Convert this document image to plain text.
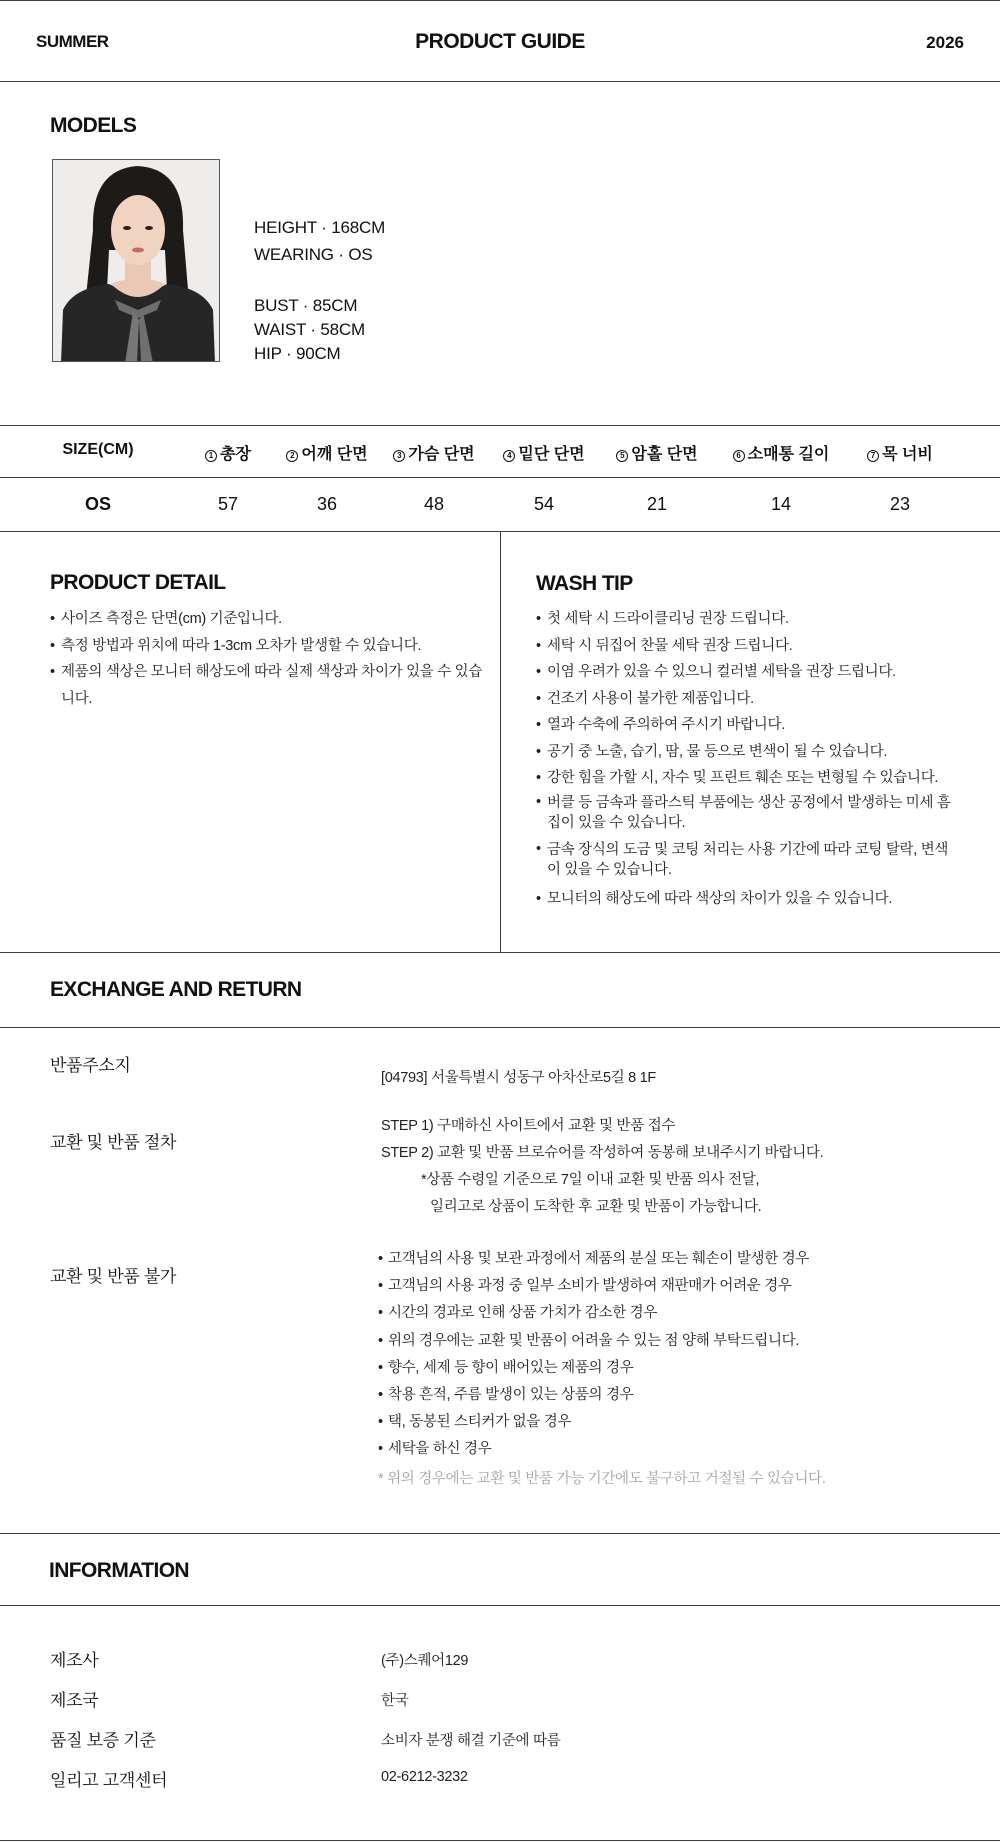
SUMMER	PRODUCT GUIDE	2026
MODELS
HEIGHT · 168CM
WEARING · OS
BUST · 85CM
WAIST · 58CM
HIP · 90CM
SIZE(CM)	1 총장	2 어깨 단면	3 가슴 단면	4 밑단 단면	5 암홀 단면	6 소매통 길이	7 목 너비
OS	57	36	48	54	21	14	23
PRODUCT DETAIL
• 사이즈 측정은 단면(cm) 기준입니다.
• 측정 방법과 위치에 따라 1-3cm 오차가 발생할 수 있습니다.
• 제품의 색상은 모니터 해상도에 따라 실제 색상과 차이가 있을 수 있습니다.
WASH TIP
• 첫 세탁 시 드라이클리닝 권장 드립니다.
• 세탁 시 뒤집어 찬물 세탁 권장 드립니다.
• 이염 우려가 있을 수 있으니 컬러별 세탁을 권장 드립니다.
• 건조기 사용이 불가한 제품입니다.
• 열과 수축에 주의하여 주시기 바랍니다.
• 공기 중 노출, 습기, 땀, 물 등으로 변색이 될 수 있습니다.
• 강한 힘을 가할 시, 자수 및 프린트 훼손 또는 변형될 수 있습니다.
• 버클 등 금속과 플라스틱 부품에는 생산 공정에서 발생하는 미세 흠집이 있을 수 있습니다.
• 금속 장식의 도금 및 코팅 처리는 사용 기간에 따라 코팅 탈락, 변색이 있을 수 있습니다.
• 모니터의 해상도에 따라 색상의 차이가 있을 수 있습니다.
EXCHANGE AND RETURN
반품주소지
[04793] 서울특별시 성동구 아차산로5길 8 1F
교환 및 반품 절차
STEP 1) 구매하신 사이트에서 교환 및 반품 접수
STEP 2) 교환 및 반품 브로슈어를 작성하여 동봉해 보내주시기 바랍니다.
*상품 수령일 기준으로 7일 이내 교환 및 반품 의사 전달,
일리고로 상품이 도착한 후 교환 및 반품이 가능합니다.
교환 및 반품 불가
• 고객님의 사용 및 보관 과정에서 제품의 분실 또는 훼손이 발생한 경우
• 고객님의 사용 과정 중 일부 소비가 발생하여 재판매가 어려운 경우
• 시간의 경과로 인해 상품 가치가 감소한 경우
• 위의 경우에는 교환 및 반품이 어려울 수 있는 점 양해 부탁드립니다.
• 향수, 세제 등 향이 배어있는 제품의 경우
• 착용 흔적, 주름 발생이 있는 상품의 경우
• 택, 동봉된 스티커가 없을 경우
• 세탁을 하신 경우
* 위의 경우에는 교환 및 반품 가능 기간에도 불구하고 거절될 수 있습니다.
INFORMATION
제조사	(주)스퀘어129
제조국	한국
품질 보증 기준	소비자 분쟁 해결 기준에 따름
일리고 고객센터	02-6212-3232
